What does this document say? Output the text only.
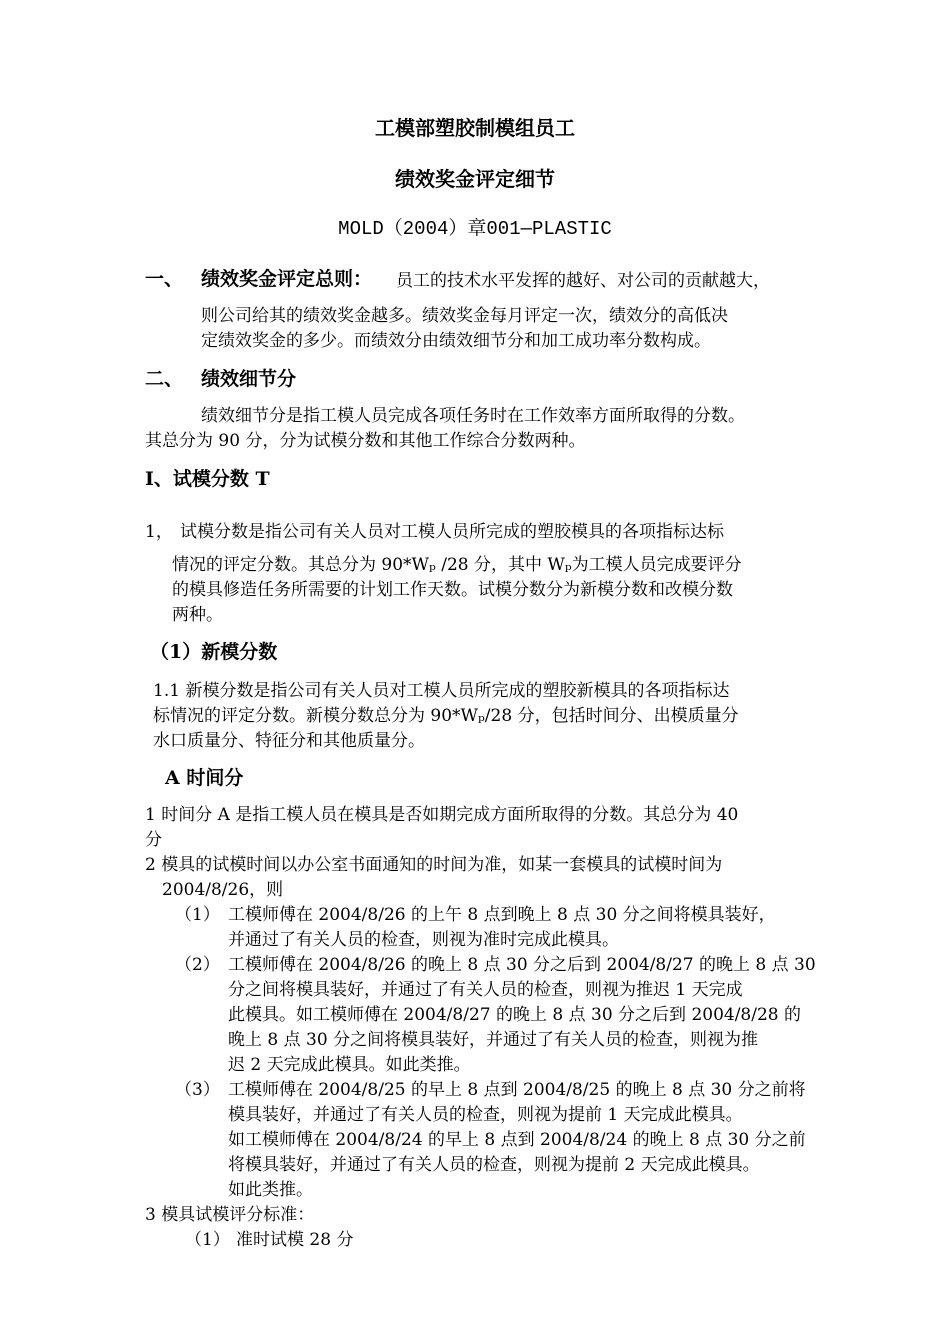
工模部塑胶制模组员工
绩效奖金评定细节
MOLD（2004）章001—PLASTIC
一、 绩效奖金评定总则： 员工的技术水平发挥的越好、对公司的贡献越大，
则公司给其的绩效奖金越多。绩效奖金每月评定一次，绩效分的高低决
定绩效奖金的多少。而绩效分由绩效细节分和加工成功率分数构成。
二、 绩效细节分
绩效细节分是指工模人员完成各项任务时在工作效率方面所取得的分数。
其总分为 90 分，分为试模分数和其他工作综合分数两种。
I、试模分数 T
1， 试模分数是指公司有关人员对工模人员所完成的塑胶模具的各项指标达标
情况的评定分数。其总分为 90*Wₚ /28 分，其中 Wₚ为工模人员完成要评分
的模具修造任务所需要的计划工作天数。试模分数分为新模分数和改模分数
两种。
（1）新模分数
1.1 新模分数是指公司有关人员对工模人员所完成的塑胶新模具的各项指标达
标情况的评定分数。新模分数总分为 90*Wₚ/28 分，包括时间分、出模质量分
水口质量分、特征分和其他质量分。
A 时间分
1 时间分 A 是指工模人员在模具是否如期完成方面所取得的分数。其总分为 40
分
2 模具的试模时间以办公室书面通知的时间为准，如某一套模具的试模时间为
2004/8/26，则
（1） 工模师傅在 2004/8/26 的上午 8 点到晚上 8 点 30 分之间将模具装好，
并通过了有关人员的检查，则视为准时完成此模具。
（2） 工模师傅在 2004/8/26 的晚上 8 点 30 分之后到 2004/8/27 的晚上 8 点 30
分之间将模具装好，并通过了有关人员的检查，则视为推迟 1 天完成
此模具。如工模师傅在 2004/8/27 的晚上 8 点 30 分之后到 2004/8/28 的
晚上 8 点 30 分之间将模具装好，并通过了有关人员的检查，则视为推
迟 2 天完成此模具。如此类推。
（3） 工模师傅在 2004/8/25 的早上 8 点到 2004/8/25 的晚上 8 点 30 分之前将
模具装好，并通过了有关人员的检查，则视为提前 1 天完成此模具。
如工模师傅在 2004/8/24 的早上 8 点到 2004/8/24 的晚上 8 点 30 分之前
将模具装好，并通过了有关人员的检查，则视为提前 2 天完成此模具。
如此类推。
3 模具试模评分标准：
（1） 准时试模 28 分
